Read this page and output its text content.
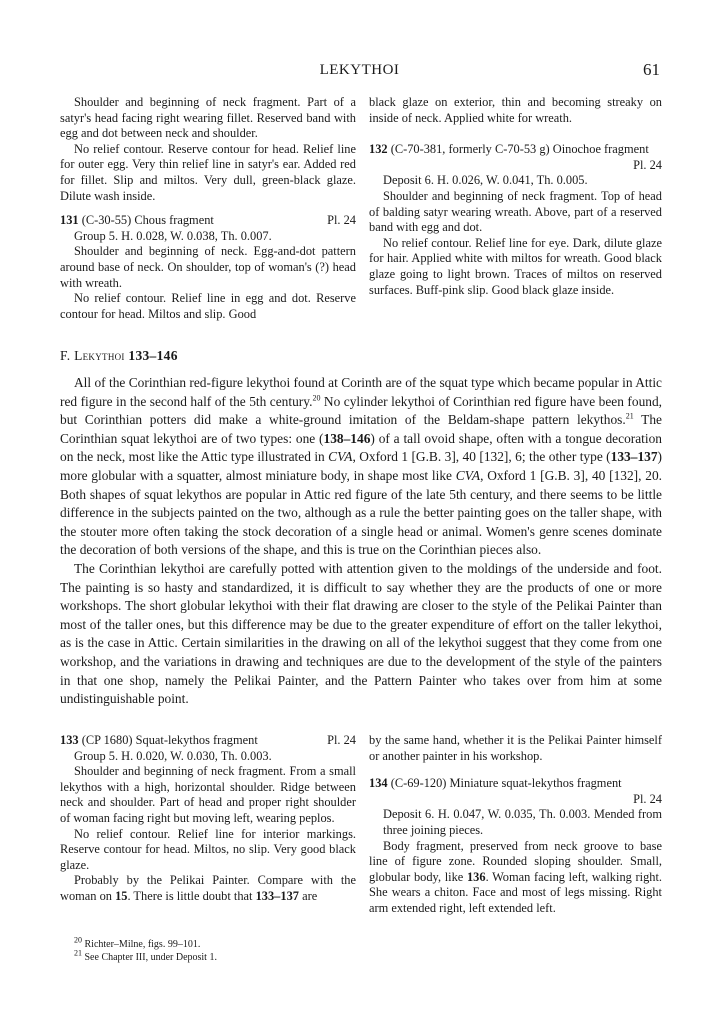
LEKYTHOI	61

Shoulder and beginning of neck fragment. Part of a satyr's head facing right wearing fillet. Reserved band with egg and dot between neck and shoulder.

No relief contour. Reserve contour for head. Relief line for outer egg. Very thin relief line in satyr's ear. Added red for fillet. Slip and miltos. Very dull, green-black glaze. Dilute wash inside.

131 (C-30-55) Chous fragment	Pl. 24

Group 5. H. 0.028, W. 0.038, Th. 0.007.

Shoulder and beginning of neck. Egg-and-dot pattern around base of neck. On shoulder, top of woman's (?) head with wreath.

No relief contour. Relief line in egg and dot. Reserve contour for head. Miltos and slip. Good

black glaze on exterior, thin and becoming streaky on inside of neck. Applied white for wreath.

132 (C-70-381, formerly C-70-53 g) Oinochoe fragment

Pl. 24

Deposit 6. H. 0.026, W. 0.041, Th. 0.005.

Shoulder and beginning of neck fragment. Top of head of balding satyr wearing wreath. Above, part of a reserved band with egg and dot.

No relief contour. Relief line for eye. Dark, dilute glaze for hair. Applied white with miltos for wreath. Good black glaze going to light brown. Traces of miltos on reserved surfaces. Buff-pink slip. Good black glaze inside.

F. Lekythoi 133–146

All of the Corinthian red-figure lekythoi found at Corinth are of the squat type which became popular in Attic red figure in the second half of the 5th century.$^{20}$ No cylinder lekythoi of Corinthian red figure have been found, but Corinthian potters did make a white-ground imitation of the Beldam-shape pattern lekythos.$^{21}$ The Corinthian squat lekythoi are of two types: one (138–146) of a tall ovoid shape, often with a tongue decoration on the neck, most like the Attic type illustrated in CVA, Oxford 1 [G.B. 3], 40 [132], 6; the other type (133–137) more globular with a squatter, almost miniature body, in shape most like CVA, Oxford 1 [G.B. 3], 40 [132], 20. Both shapes of squat lekythos are popular in Attic red figure of the late 5th century, and there seems to be little difference in the subjects painted on the two, although as a rule the better painting goes on the taller shape, with the stouter more often taking the stock decoration of a single head or animal. Women's genre scenes dominate the decoration of both versions of the shape, and this is true on the Corinthian pieces also.

The Corinthian lekythoi are carefully potted with attention given to the moldings of the underside and foot. The painting is so hasty and standardized, it is difficult to say whether they are the products of one or more workshops. The short globular lekythoi with their flat drawing are closer to the style of the Pelikai Painter than most of the taller ones, but this difference may be due to the greater expenditure of effort on the taller lekythoi, as is the case in Attic. Certain similarities in the drawing on all of the lekythoi suggest that they come from one workshop, and the variations in drawing and techniques are due to the development of the style of the painters in that one shop, namely the Pelikai Painter, and the Pattern Painter who takes over from him at some undistinguishable point.

133 (CP 1680) Squat-lekythos fragment	Pl. 24

Group 5. H. 0.020, W. 0.030, Th. 0.003.

Shoulder and beginning of neck fragment. From a small lekythos with a high, horizontal shoulder. Ridge between neck and shoulder. Part of head and proper right shoulder of woman facing right but moving left, wearing peplos.

No relief contour. Relief line for interior markings. Reserve contour for head. Miltos, no slip. Very good black glaze.

Probably by the Pelikai Painter. Compare with the woman on 15. There is little doubt that 133–137 are

by the same hand, whether it is the Pelikai Painter himself or another painter in his workshop.

134 (C-69-120) Miniature squat-lekythos fragment

Pl. 24

Deposit 6. H. 0.047, W. 0.035, Th. 0.003. Mended from three joining pieces.

Body fragment, preserved from neck groove to base line of figure zone. Rounded sloping shoulder. Small, globular body, like 136. Woman facing left, walking right. She wears a chiton. Face and most of legs missing. Right arm extended right, left extended left.

$^{20}$ Richter–Milne, figs. 99–101.

$^{21}$ See Chapter III, under Deposit 1.
